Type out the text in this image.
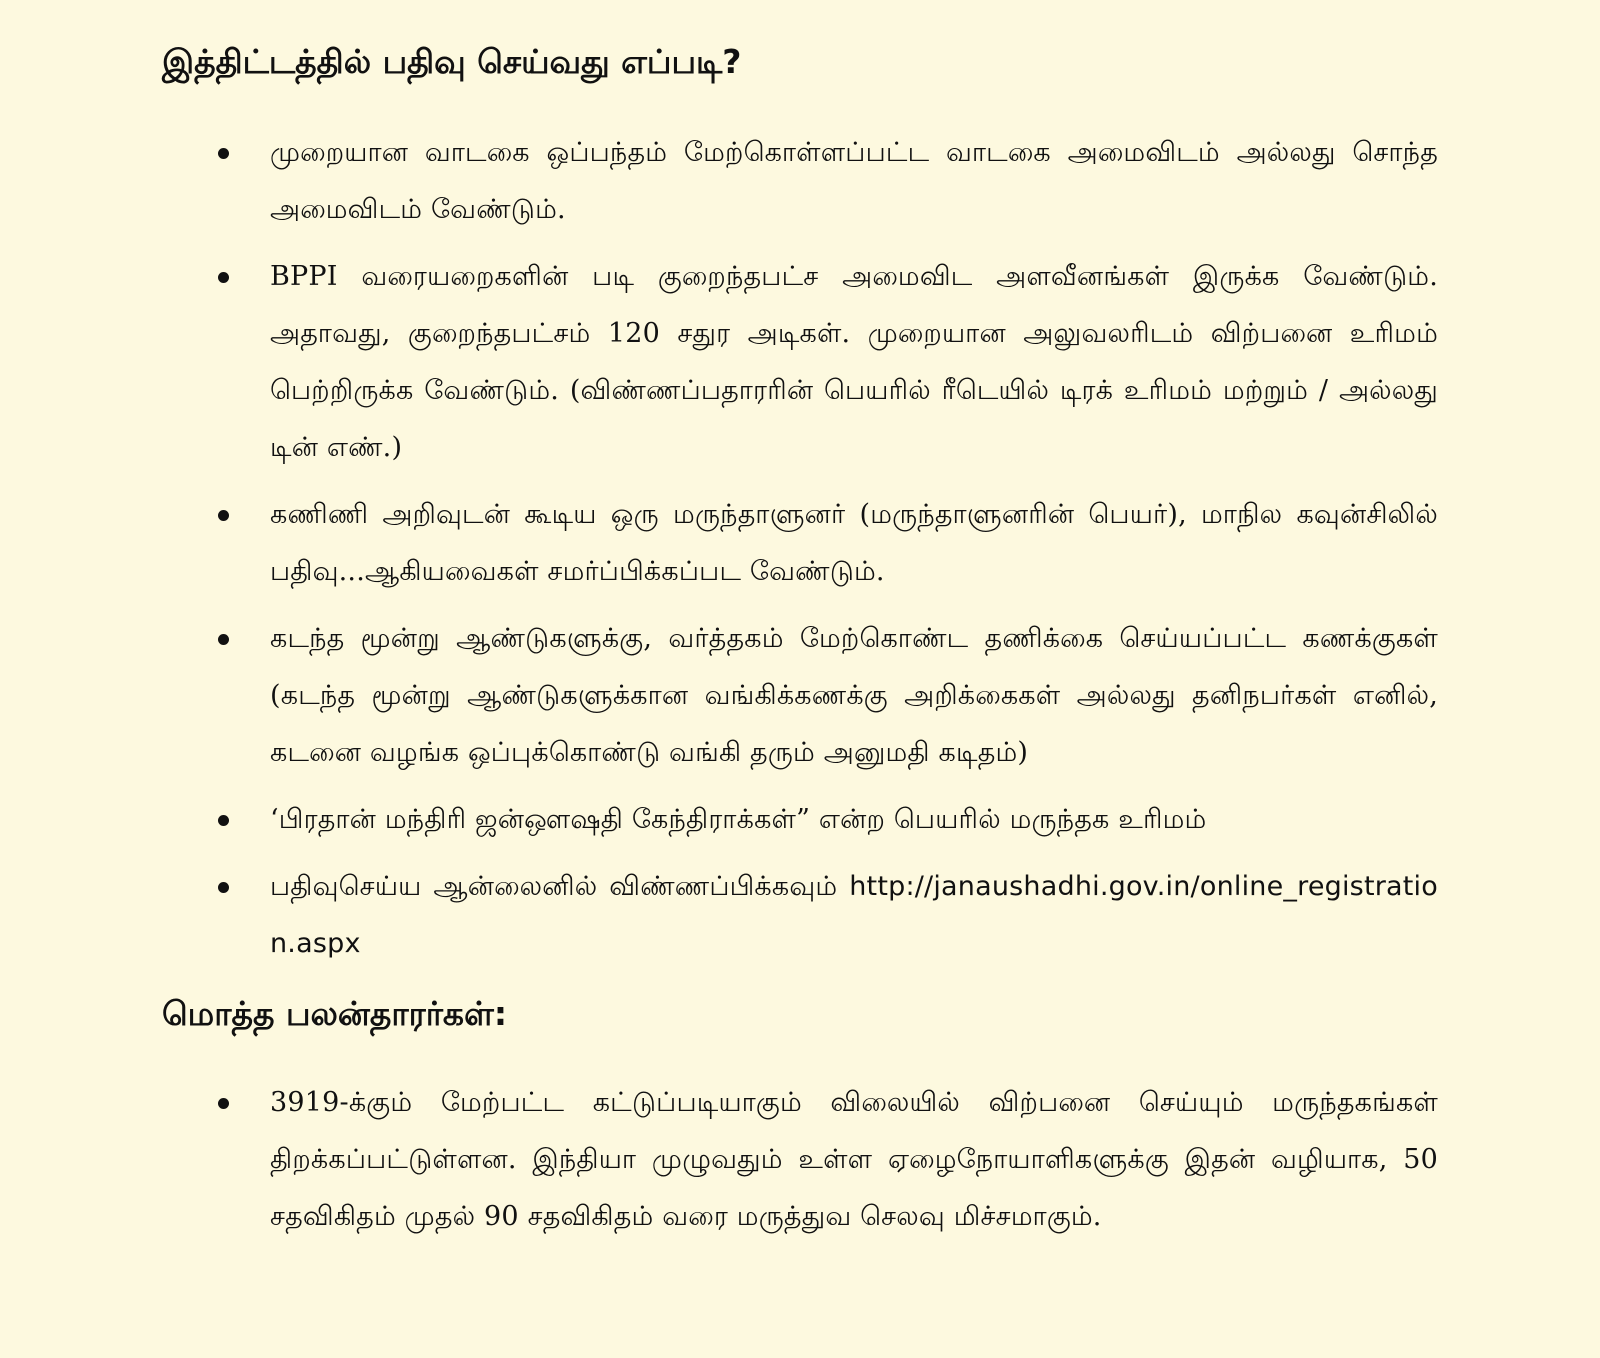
இத்திட்டத்தில் பதிவு செய்வது எப்படி?
முறையான வாடகை ஒப்பந்தம் மேற்கொள்ளப்பட்ட வாடகை அமைவிடம் அல்லது சொந்த அமைவிடம் வேண்டும்.
BPPI வரையறைகளின் படி குறைந்தபட்ச அமைவிட அளவீனங்கள் இருக்க வேண்டும். அதாவது, குறைந்தபட்சம் 120 சதுர அடிகள். முறையான அலுவலரிடம் விற்பனை உரிமம் பெற்றிருக்க வேண்டும். (விண்ணப்பதாரரின் பெயரில் ரீடெயில் டிரக் உரிமம் மற்றும் / அல்லது டின் எண்.)
கணிணி அறிவுடன் கூடிய ஒரு மருந்தாளுனர் (மருந்தாளுனரின் பெயர்), மாநில கவுன்சிலில் பதிவு...ஆகியவைகள் சமர்ப்பிக்கப்பட வேண்டும்.
கடந்த மூன்று ஆண்டுகளுக்கு, வர்த்தகம் மேற்கொண்ட தணிக்கை செய்யப்பட்ட கணக்குகள் (கடந்த மூன்று ஆண்டுகளுக்கான வங்கிக்கணக்கு அறிக்கைகள் அல்லது தனிநபர்கள் எனில், கடனை வழங்க ஒப்புக்கொண்டு வங்கி தரும் அனுமதி கடிதம்)
‘பிரதான் மந்திரி ஜன்ஔஷதி கேந்திராக்கள்” என்ற பெயரில் மருந்தக உரிமம்
பதிவுசெய்ய ஆன்லைனில் விண்ணப்பிக்கவும் http://janaushadhi.gov.in/online_registration.aspx
மொத்த பலன்தாரர்கள்:
3919-க்கும் மேற்பட்ட கட்டுப்படியாகும் விலையில் விற்பனை செய்யும் மருந்தகங்கள் திறக்கப்பட்டுள்ளன. இந்தியா முழுவதும் உள்ள ஏழைநோயாளிகளுக்கு இதன் வழியாக, 50 சதவிகிதம் முதல் 90 சதவிகிதம் வரை மருத்துவ செலவு மிச்சமாகும்.
